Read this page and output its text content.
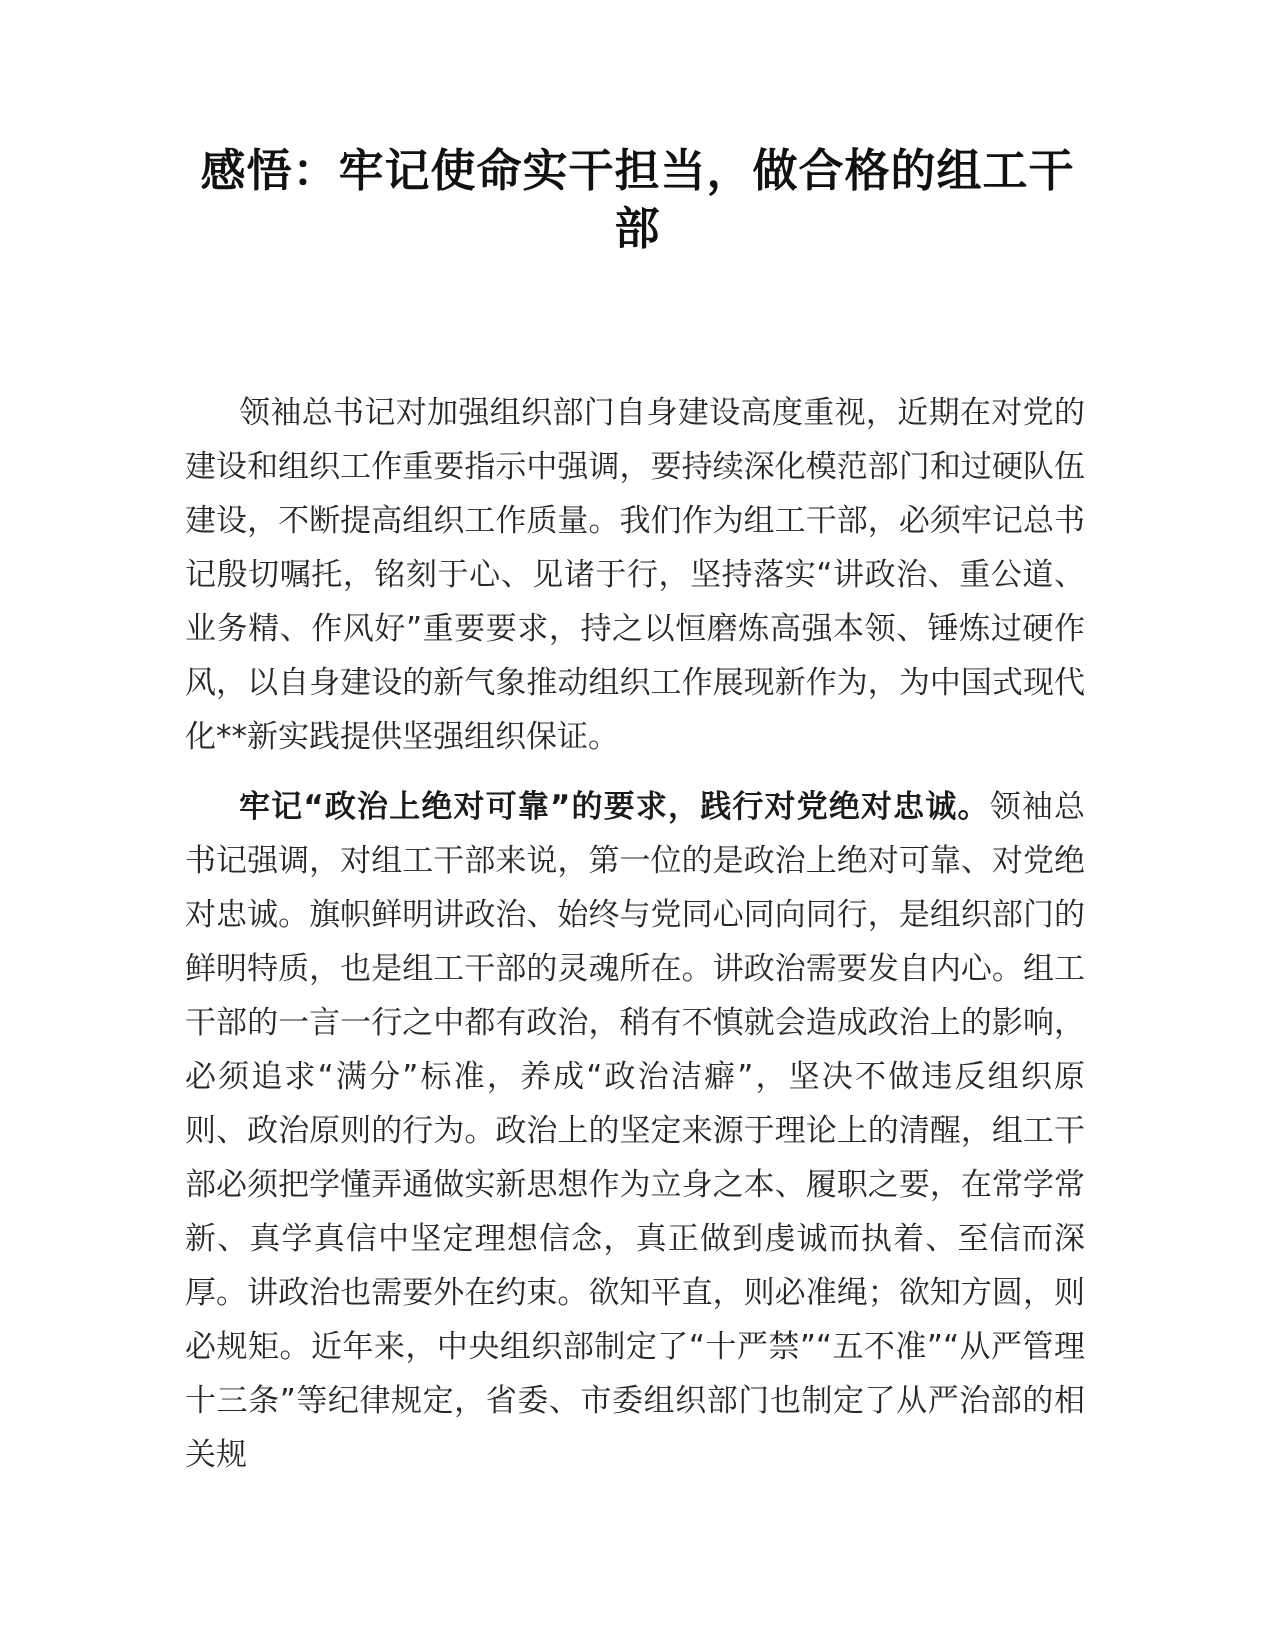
感悟：牢记使命实干担当，做合格的组工干部

领袖总书记对加强组织部门自身建设高度重视，近期在对党的建设和组织工作重要指示中强调，要持续深化模范部门和过硬队伍建设，不断提高组织工作质量。我们作为组工干部，必须牢记总书记殷切嘱托，铭刻于心、见诸于行，坚持落实“讲政治、重公道、业务精、作风好”重要要求，持之以恒磨炼高强本领、锤炼过硬作风，以自身建设的新气象推动组织工作展现新作为，为中国式现代化**新实践提供坚强组织保证。

牢记“政治上绝对可靠”的要求，践行对党绝对忠诚。领袖总书记强调，对组工干部来说，第一位的是政治上绝对可靠、对党绝对忠诚。旗帜鲜明讲政治、始终与党同心同向同行，是组织部门的鲜明特质，也是组工干部的灵魂所在。讲政治需要发自内心。组工干部的一言一行之中都有政治，稍有不慎就会造成政治上的影响，必须追求“满分”标准，养成“政治洁癖”，坚决不做违反组织原则、政治原则的行为。政治上的坚定来源于理论上的清醒，组工干部必须把学懂弄通做实新思想作为立身之本、履职之要，在常学常新、真学真信中坚定理想信念，真正做到虔诚而执着、至信而深厚。讲政治也需要外在约束。欲知平直，则必准绳；欲知方圆，则必规矩。近年来，中央组织部制定了“十严禁”“五不准”“从严管理十三条”等纪律规定，省委、市委组织部门也制定了从严治部的相关规
